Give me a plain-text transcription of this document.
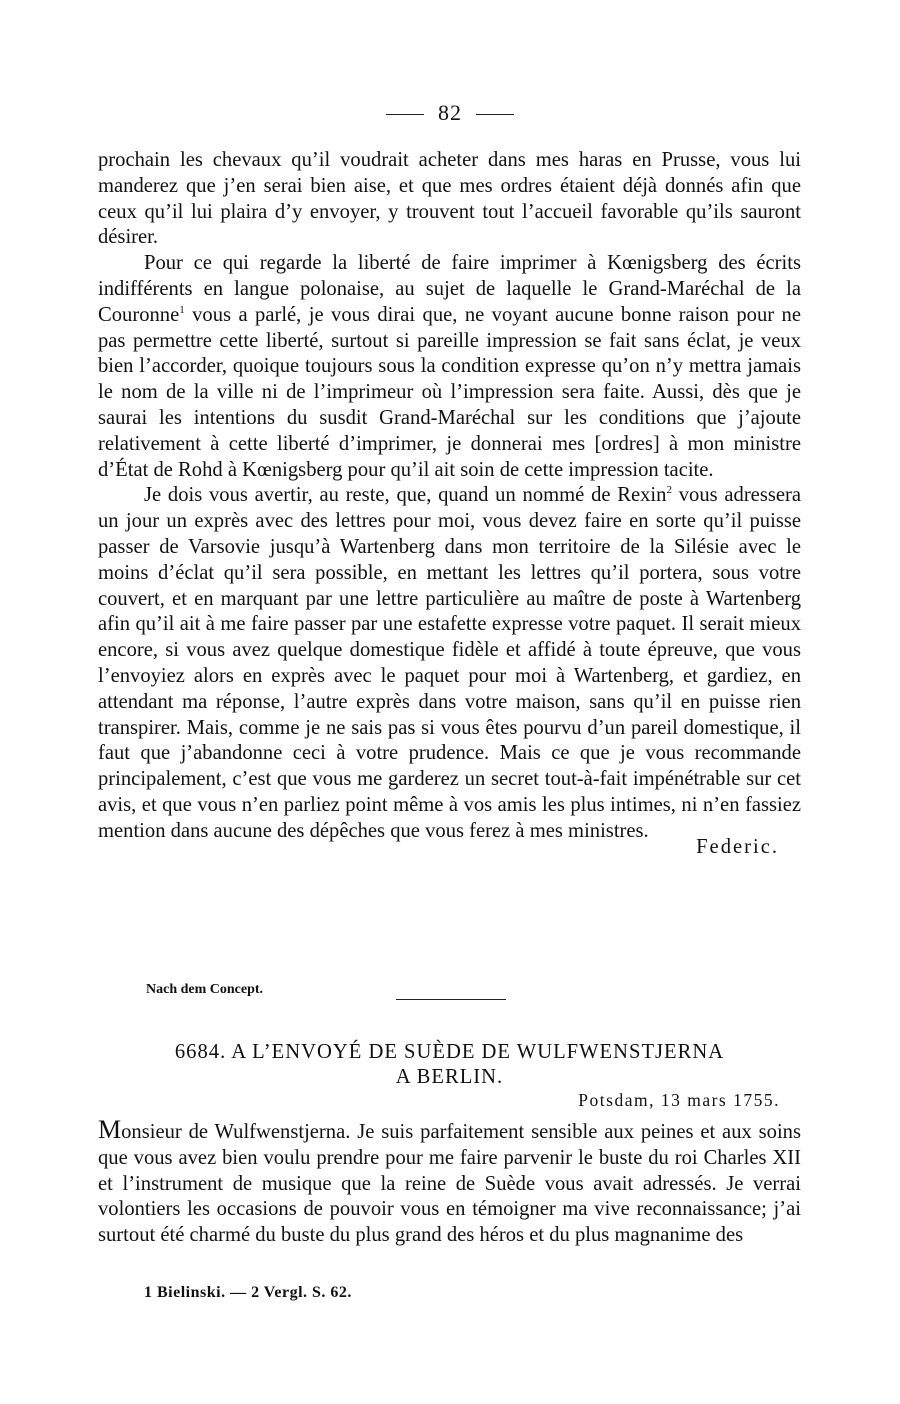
82

prochain les chevaux qu’il voudrait acheter dans mes haras en Prusse, vous lui manderez que j’en serai bien aise, et que mes ordres étaient déjà donnés afin que ceux qu’il lui plaira d’y envoyer, y trouvent tout l’accueil favorable qu’ils sauront désirer.

Pour ce qui regarde la liberté de faire imprimer à Kœnigsberg des écrits indifférents en langue polonaise, au sujet de laquelle le Grand-Maréchal de la Couronne$^1$ vous a parlé, je vous dirai que, ne voyant aucune bonne raison pour ne pas permettre cette liberté, surtout si pareille impression se fait sans éclat, je veux bien l’accorder, quoique toujours sous la condition expresse qu’on n’y mettra jamais le nom de la ville ni de l’imprimeur où l’impression sera faite. Aussi, dès que je saurai les intentions du susdit Grand-Maréchal sur les conditions que j’ajoute relativement à cette liberté d’imprimer, je donnerai mes [ordres] à mon ministre d’État de Rohd à Kœnigsberg pour qu’il ait soin de cette impression tacite.

Je dois vous avertir, au reste, que, quand un nommé de Rexin$^2$ vous adressera un jour un exprès avec des lettres pour moi, vous devez faire en sorte qu’il puisse passer de Varsovie jusqu’à Wartenberg dans mon territoire de la Silésie avec le moins d’éclat qu’il sera possible, en mettant les lettres qu’il portera, sous votre couvert, et en marquant par une lettre particulière au maître de poste à Wartenberg afin qu’il ait à me faire passer par une estafette expresse votre paquet. Il serait mieux encore, si vous avez quelque domestique fidèle et affidé à toute épreuve, que vous l’envoyiez alors en exprès avec le paquet pour moi à Wartenberg, et gardiez, en attendant ma réponse, l’autre exprès dans votre maison, sans qu’il en puisse rien transpirer. Mais, comme je ne sais pas si vous êtes pourvu d’un pareil domestique, il faut que j’abandonne ceci à votre prudence. Mais ce que je vous recommande principalement, c’est que vous me garderez un secret tout-à-fait impénétrable sur cet avis, et que vous n’en parliez point même à vos amis les plus intimes, ni n’en fassiez mention dans aucune des dépêches que vous ferez à mes ministres.

Federic.
Nach dem Concept.
6684. A L’ENVOYÉ DE SUÈDE DE WULFWENSTJERNA
A BERLIN.
Potsdam, 13 mars 1755.

Monsieur de Wulfwenstjerna. Je suis parfaitement sensible aux peines et aux soins que vous avez bien voulu prendre pour me faire parvenir le buste du roi Charles XII et l’instrument de musique que la reine de Suède vous avait adressés. Je verrai volontiers les occasions de pouvoir vous en témoigner ma vive reconnaissance; j’ai surtout été charmé du buste du plus grand des héros et du plus magnanime des

1 Bielinski. — 2 Vergl. S. 62.
